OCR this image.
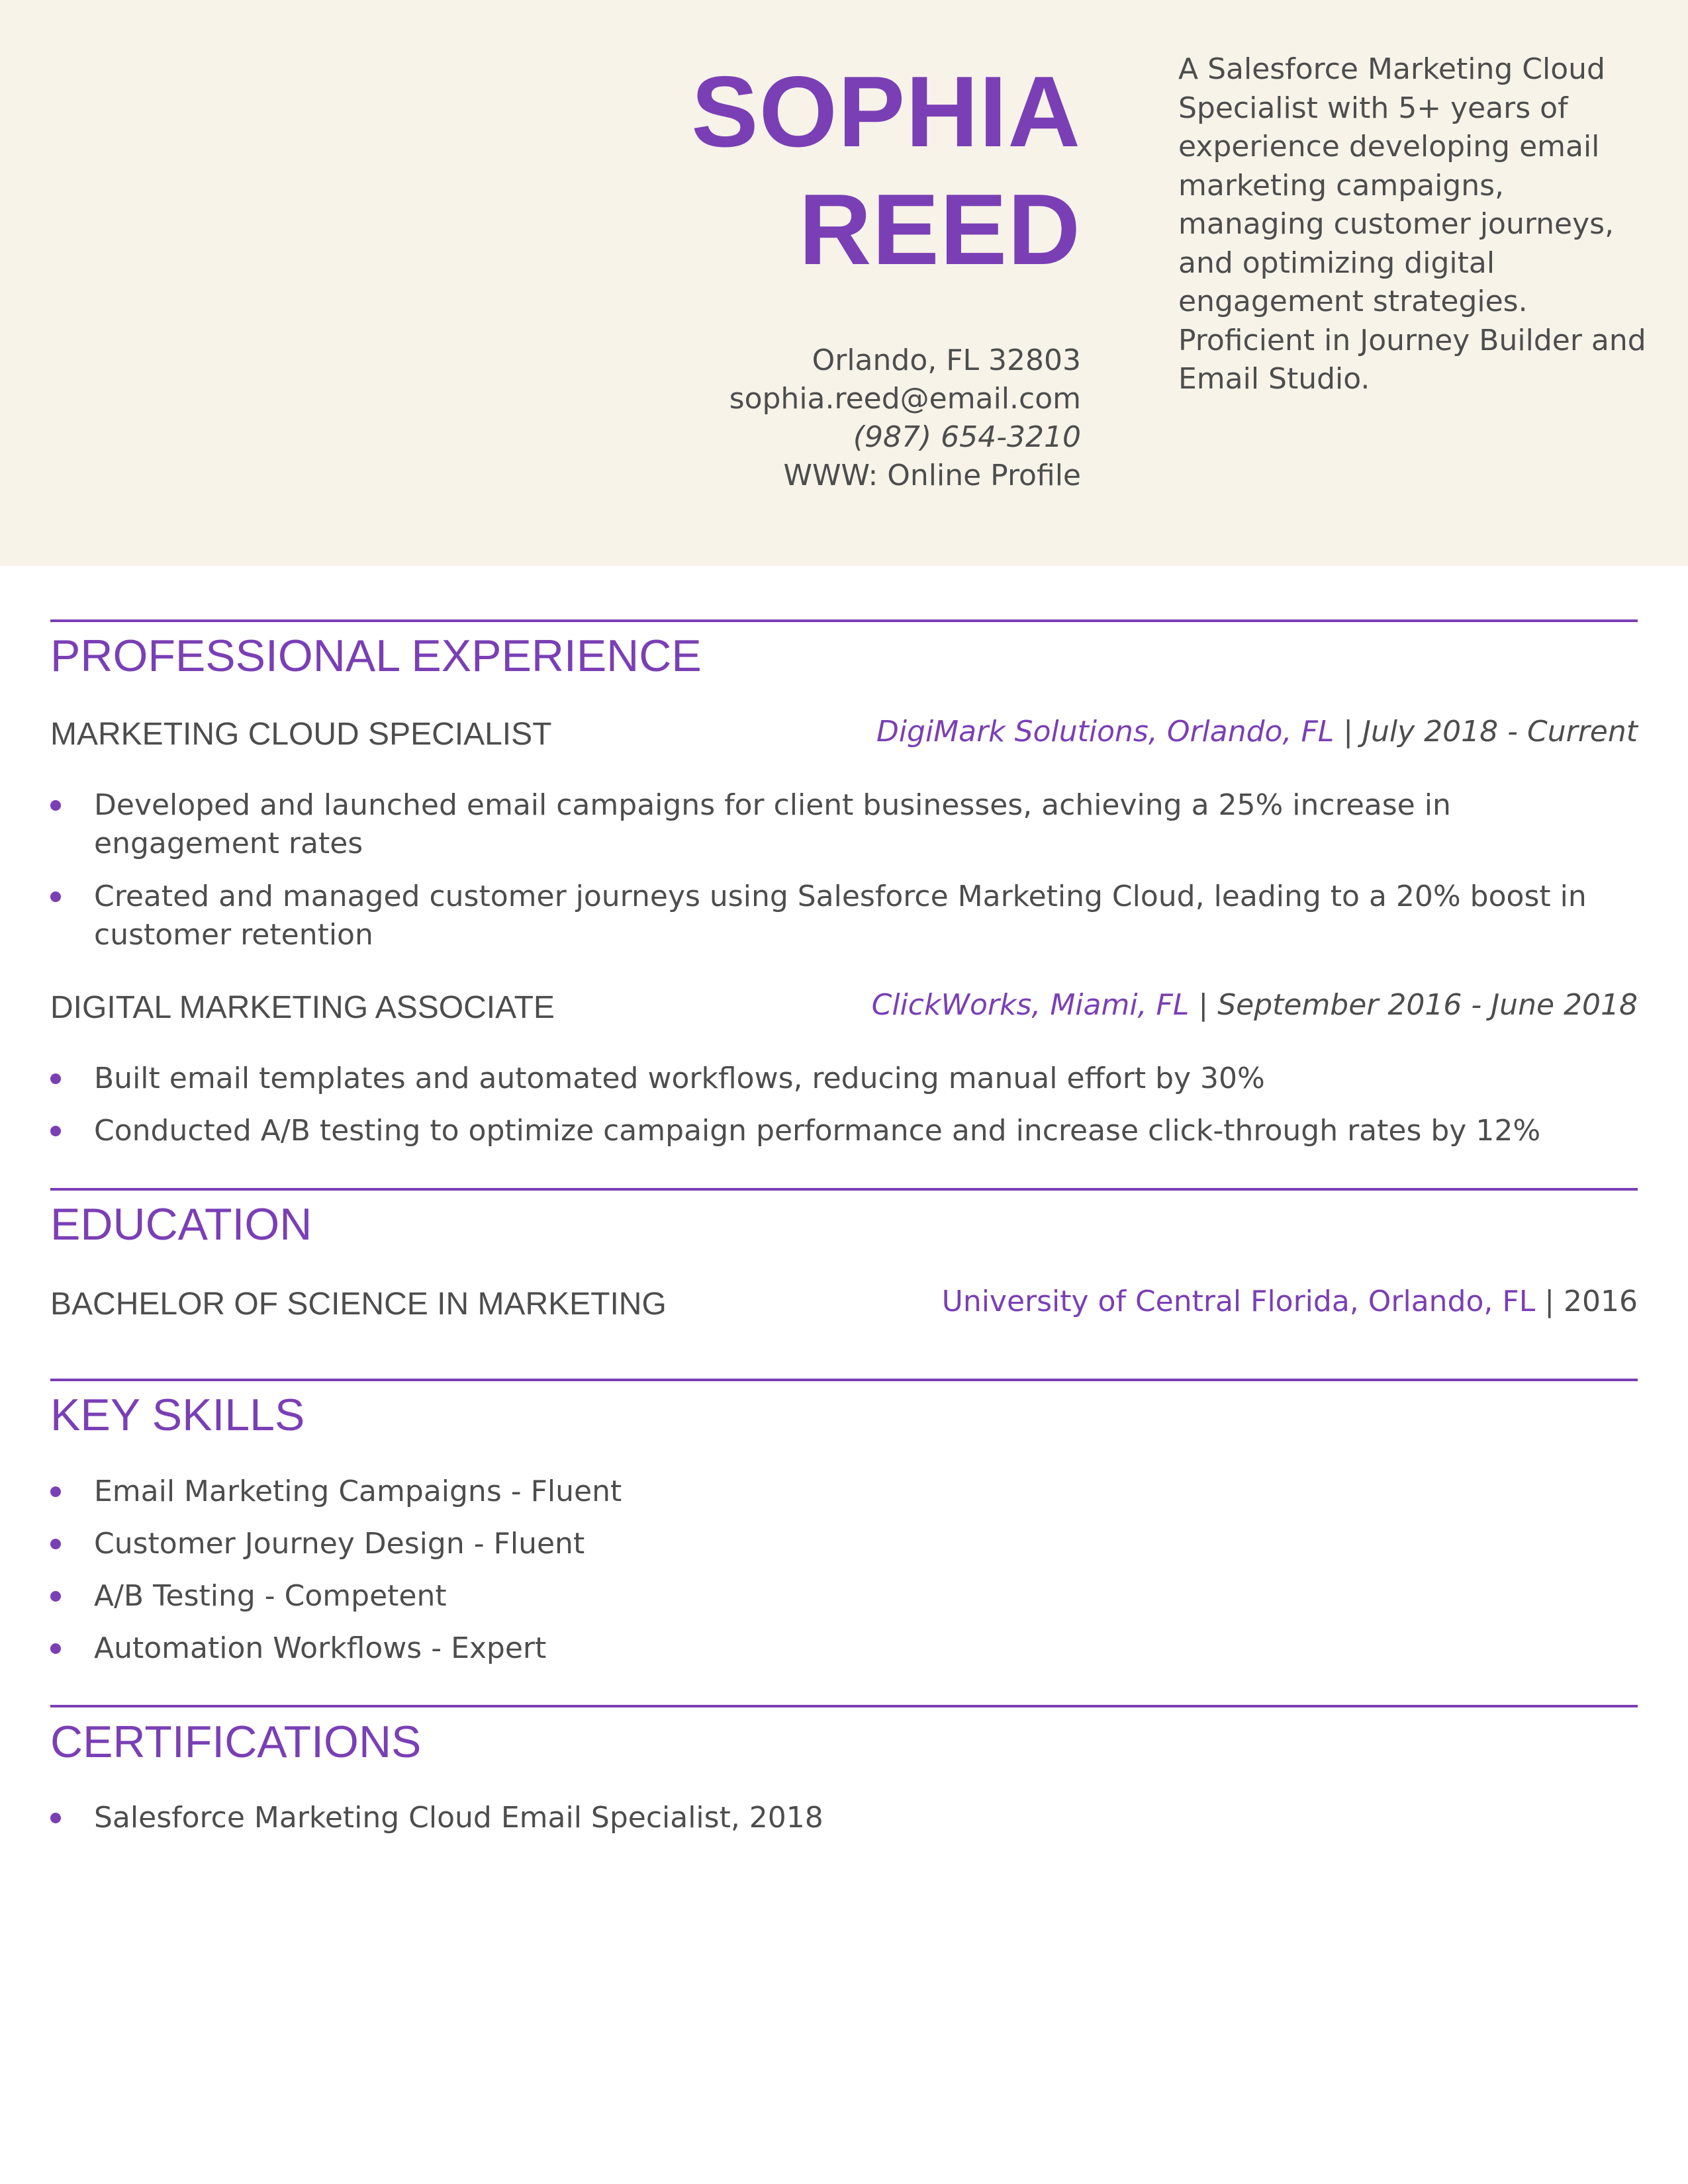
SOPHIA
REED
Orlando, FL 32803
sophia.reed@email.com
(987) 654-3210
WWW: Online Profile
A Salesforce Marketing Cloud Specialist with 5+ years of experience developing email marketing campaigns, managing customer journeys, and optimizing digital engagement strategies. Proficient in Journey Builder and Email Studio.
PROFESSIONAL EXPERIENCE
MARKETING CLOUD SPECIALIST	DigiMark Solutions, Orlando, FL | July 2018 - Current
Developed and launched email campaigns for client businesses, achieving a 25% increase in engagement rates
Created and managed customer journeys using Salesforce Marketing Cloud, leading to a 20% boost in customer retention
DIGITAL MARKETING ASSOCIATE	ClickWorks, Miami, FL | September 2016 - June 2018
Built email templates and automated workflows, reducing manual effort by 30%
Conducted A/B testing to optimize campaign performance and increase click-through rates by 12%
EDUCATION
BACHELOR OF SCIENCE IN MARKETING	University of Central Florida, Orlando, FL | 2016
KEY SKILLS
Email Marketing Campaigns - Fluent
Customer Journey Design - Fluent
A/B Testing - Competent
Automation Workflows - Expert
CERTIFICATIONS
Salesforce Marketing Cloud Email Specialist, 2018
